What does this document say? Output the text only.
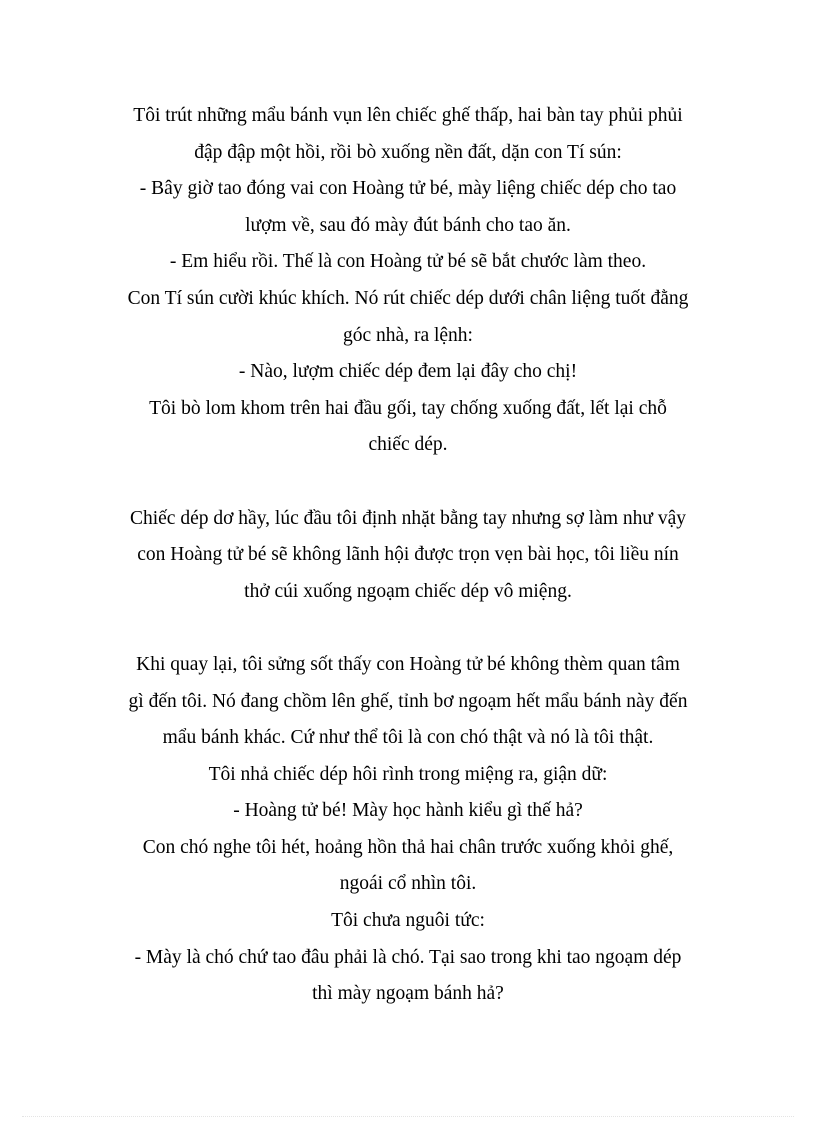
Tôi trút những mẩu bánh vụn lên chiếc ghế thấp, hai bàn tay phủi phủi
đập đập một hồi, rồi bò xuống nền đất, dặn con Tí sún:
- Bây giờ tao đóng vai con Hoàng tử bé, mày liệng chiếc dép cho tao
lượm về, sau đó mày đút bánh cho tao ăn.
- Em hiểu rồi. Thế là con Hoàng tử bé sẽ bắt chước làm theo.
Con Tí sún cười khúc khích. Nó rút chiếc dép dưới chân liệng tuốt đằng
góc nhà, ra lệnh:
- Nào, lượm chiếc dép đem lại đây cho chị!
Tôi bò lom khom trên hai đầu gối, tay chống xuống đất, lết lại chỗ
chiếc dép.
Chiếc dép dơ hầy, lúc đầu tôi định nhặt bằng tay nhưng sợ làm như vậy
con Hoàng tử bé sẽ không lãnh hội được trọn vẹn bài học, tôi liều nín
thở cúi xuống ngoạm chiếc dép vô miệng.
Khi quay lại, tôi sửng sốt thấy con Hoàng tử bé không thèm quan tâm
gì đến tôi. Nó đang chồm lên ghế, tỉnh bơ ngoạm hết mẩu bánh này đến
mẩu bánh khác. Cứ như thể tôi là con chó thật và nó là tôi thật.
Tôi nhả chiếc dép hôi rình trong miệng ra, giận dữ:
- Hoàng tử bé! Mày học hành kiểu gì thế hả?
Con chó nghe tôi hét, hoảng hồn thả hai chân trước xuống khỏi ghế,
ngoái cổ nhìn tôi.
Tôi chưa nguôi tức:
- Mày là chó chứ tao đâu phải là chó. Tại sao trong khi tao ngoạm dép
thì mày ngoạm bánh hả?
